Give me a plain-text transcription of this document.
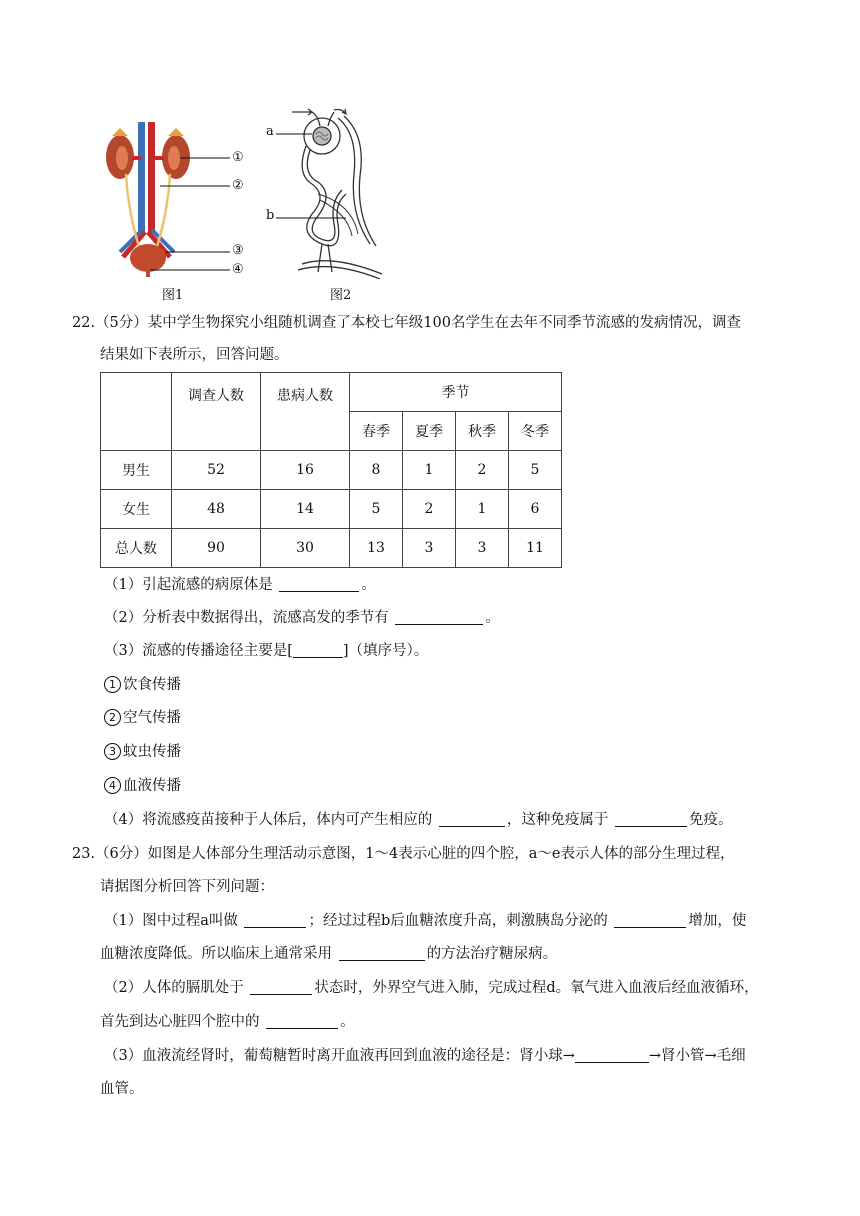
①
②
③
④
图1
a
b
图2
22.（5分）某中学生物探究小组随机调查了本校七年级100名学生在去年不同季节流感的发病情况，调查
结果如下表所示，回答问题。
	调查人数	患病人数	季节			
			春季	夏季	秋季	冬季
男生	52	16	8	1	2	5
女生	48	14	5	2	1	6
总人数	90	30	13	3	3	11
（1）引起流感的病原体是	。
（2）分析表中数据得出，流感高发的季节有	。
（3）流感的传播途径主要是[	]（填序号）。
1 饮食传播
2 空气传播
3 蚊虫传播
4 血液传播
（4）将流感疫苗接种于人体后，体内可产生相应的	，这种免疫属于	免疫。
23.（6分）如图是人体部分生理活动示意图，1～4表示心脏的四个腔，a～e表示人体的部分生理过程，
请据图分析回答下列问题：
（1）图中过程a叫做	；经过过程b后血糖浓度升高，刺激胰岛分泌的	增加，使
血糖浓度降低。所以临床上通常采用	的方法治疗糖尿病。
（2）人体的膈肌处于	状态时，外界空气进入肺，完成过程d。氧气进入血液后经血液循环，
首先到达心脏四个腔中的	。
（3）血液流经肾时，葡萄糖暂时离开血液再回到血液的途径是：肾小球→	→肾小管→毛细
血管。
